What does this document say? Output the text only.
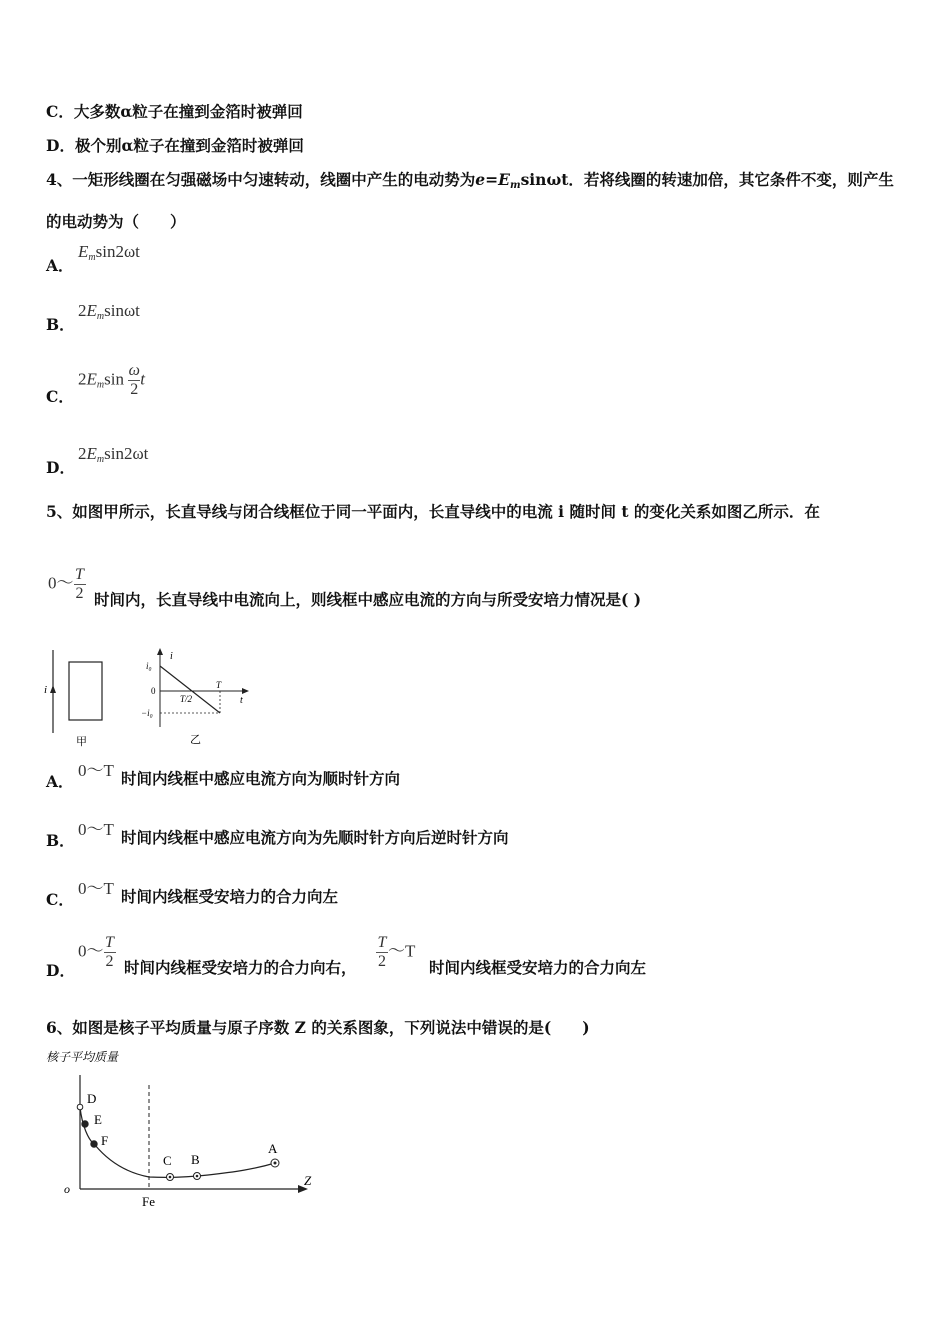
C．大多数α粒子在撞到金箔时被弹回
D．极个别α粒子在撞到金箔时被弹回
4、一矩形线圈在匀强磁场中匀速转动，线圈中产生的电动势为$e=E_m\sin\omega t$．若将线圈的转速加倍，其它条件不变，则产生的电动势为（　　）
A．
$E_m\sin 2\omega t$
B．
$2E_m\sin\omega t$
C．
$2E_m\sin \frac{\omega}{2}$ t
D．
$2E_m\sin 2\omega t$
5、如图甲所示，长直导线与闭合线框位于同一平面内，长直导线中的电流 i 随时间 t 的变化关系如图乙所示．在
0～ $\frac{T}{2}$ 时间内，长直导线中电流向上，则线框中感应电流的方向与所受安培力情况是( )
i
甲
i
t
i₀
0
−i₀
T/2
T
乙
A．
0～T 时间内线框中感应电流方向为顺时针方向
B．
0～T 时间内线框中感应电流方向为先顺时针方向后逆时针方向
C．
0～T 时间内线框受安培力的合力向左
D．
0～ $\frac{T}{2}$ 时间内线框受安培力的合力向右， $\frac{T}{2}$ ～T
时间内线框受安培力的合力向左
6、如图是核子平均质量与原子序数 Z 的关系图象，下列说法中错误的是(　　)
核子平均质量
Z
o
Fe
D
E
F
C B
A
